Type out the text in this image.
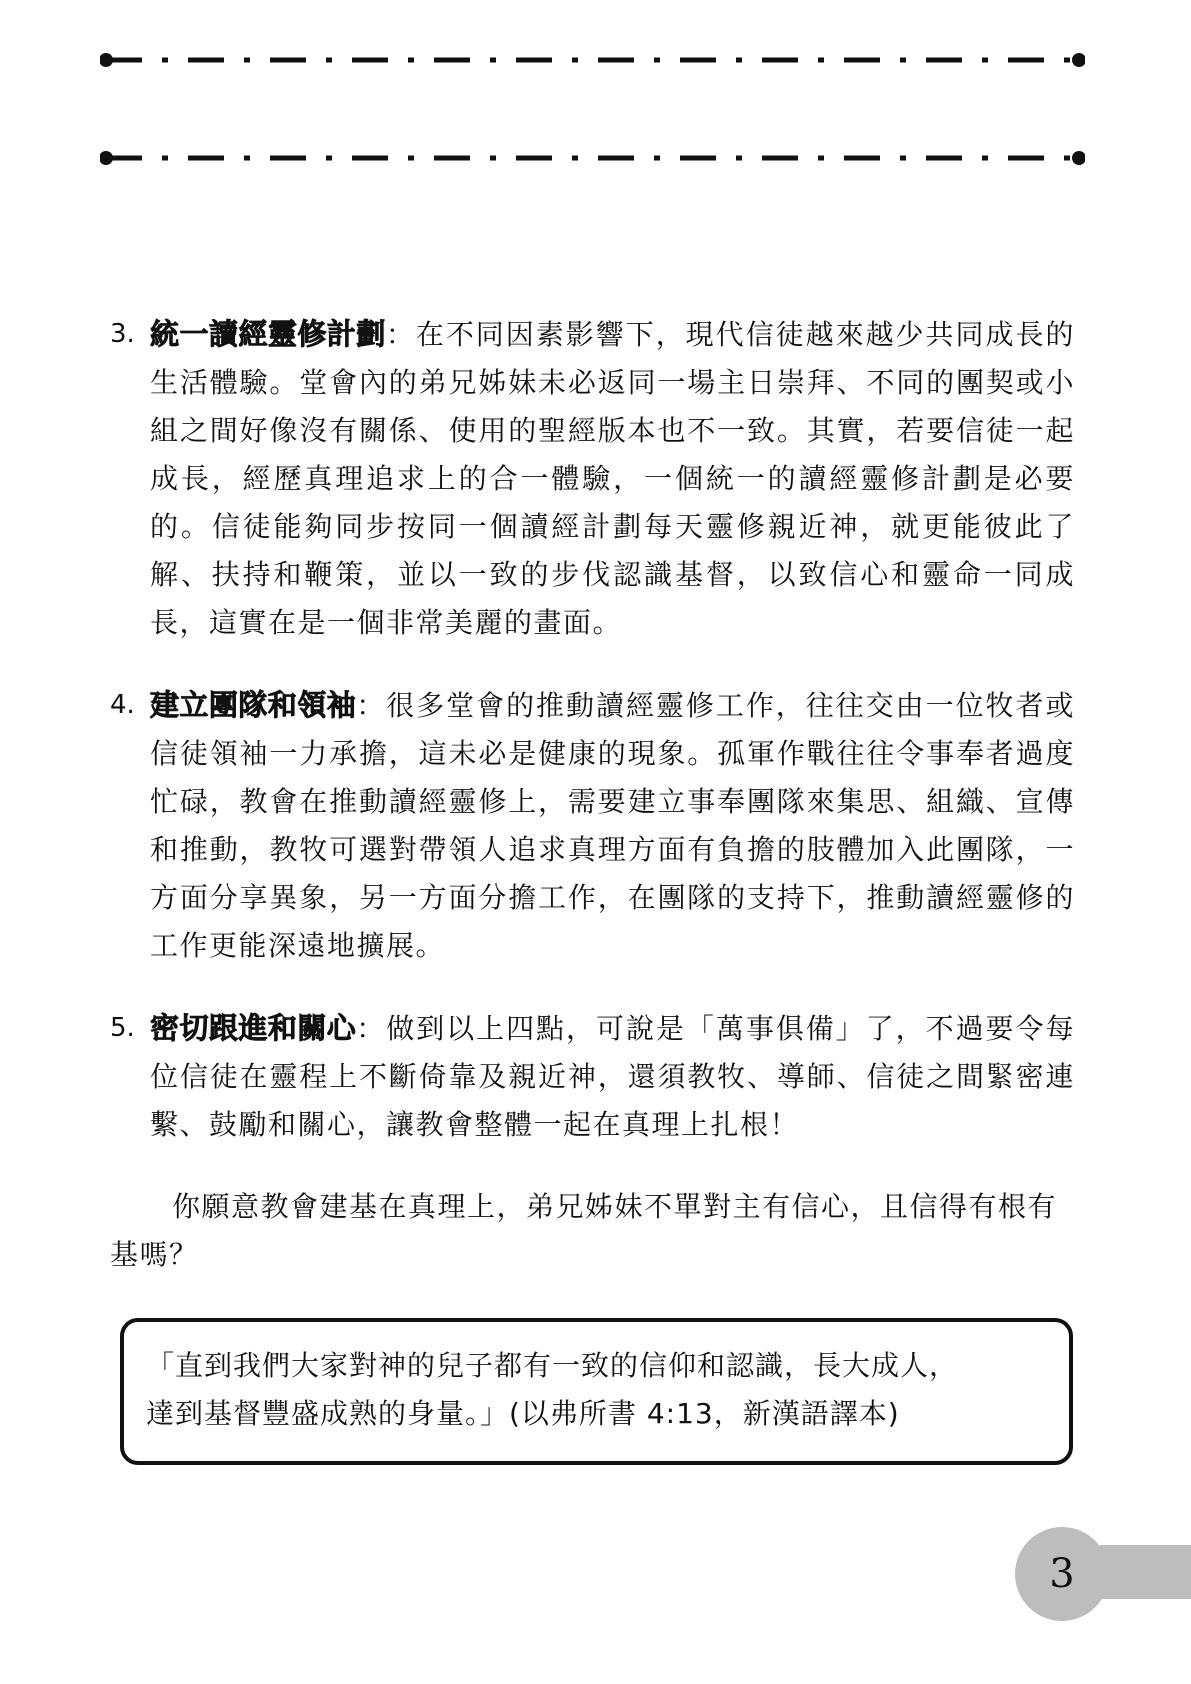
3. 統一讀經靈修計劃：在不同因素影響下，現代信徒越來越少共同成長的生活體驗。堂會內的弟兄姊妹未必返同一場主日崇拜、不同的團契或小組之間好像沒有關係、使用的聖經版本也不一致。其實，若要信徒一起成長，經歷真理追求上的合一體驗，一個統一的讀經靈修計劃是必要的。信徒能夠同步按同一個讀經計劃每天靈修親近神，就更能彼此了解、扶持和鞭策，並以一致的步伐認識基督，以致信心和靈命一同成長，這實在是一個非常美麗的畫面。
4. 建立團隊和領袖：很多堂會的推動讀經靈修工作，往往交由一位牧者或信徒領袖一力承擔，這未必是健康的現象。孤軍作戰往往令事奉者過度忙碌，教會在推動讀經靈修上，需要建立事奉團隊來集思、組織、宣傳和推動，教牧可選對帶領人追求真理方面有負擔的肢體加入此團隊，一方面分享異象，另一方面分擔工作，在團隊的支持下，推動讀經靈修的工作更能深遠地擴展。
5. 密切跟進和關心：做到以上四點，可說是「萬事俱備」了，不過要令每位信徒在靈程上不斷倚靠及親近神，還須教牧、導師、信徒之間緊密連繫、鼓勵和關心，讓教會整體一起在真理上扎根！

你願意教會建基在真理上，弟兄姊妹不單對主有信心，且信得有根有基嗎？

「直到我們大家對神的兒子都有一致的信仰和認識，長大成人，
達到基督豐盛成熟的身量。」(以弗所書 4:13，新漢語譯本)
3
